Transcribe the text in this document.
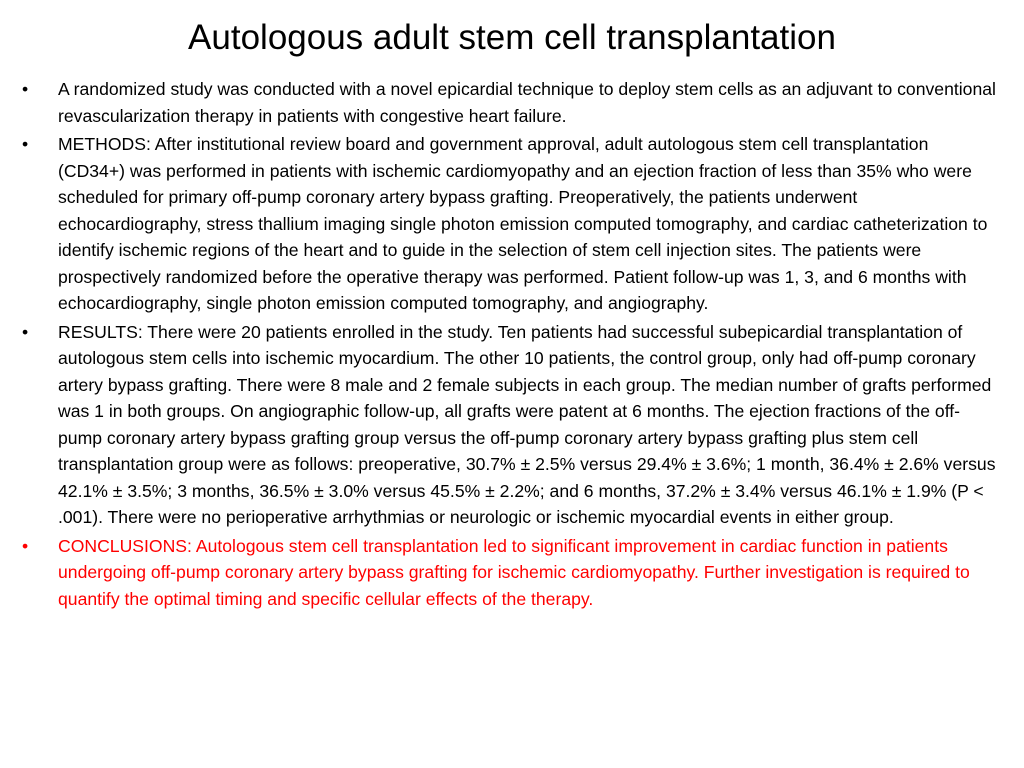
Autologous adult stem cell transplantation
•	A randomized study was conducted with a novel epicardial technique to deploy stem cells as an adjuvant to conventional revascularization therapy in patients with congestive heart failure.
•	METHODS: After institutional review board and government approval, adult autologous stem cell transplantation (CD34+) was performed in patients with ischemic cardiomyopathy and an ejection fraction of less than 35% who were scheduled for primary off-pump coronary artery bypass grafting. Preoperatively, the patients underwent echocardiography, stress thallium imaging single photon emission computed tomography, and cardiac catheterization to identify ischemic regions of the heart and to guide in the selection of stem cell injection sites. The patients were prospectively randomized before the operative therapy was performed. Patient follow-up was 1, 3, and 6 months with echocardiography, single photon emission computed tomography, and angiography.
•	RESULTS: There were 20 patients enrolled in the study. Ten patients had successful subepicardial transplantation of autologous stem cells into ischemic myocardium. The other 10 patients, the control group, only had off-pump coronary artery bypass grafting. There were 8 male and 2 female subjects in each group. The median number of grafts performed was 1 in both groups. On angiographic follow-up, all grafts were patent at 6 months. The ejection fractions of the off-pump coronary artery bypass grafting group versus the off-pump coronary artery bypass grafting plus stem cell transplantation group were as follows: preoperative, 30.7% ± 2.5% versus 29.4% ± 3.6%; 1 month, 36.4% ± 2.6% versus 42.1% ± 3.5%; 3 months, 36.5% ± 3.0% versus 45.5% ± 2.2%; and 6 months, 37.2% ± 3.4% versus 46.1% ± 1.9% (P < .001). There were no perioperative arrhythmias or neurologic or ischemic myocardial events in either group.
•	CONCLUSIONS: Autologous stem cell transplantation led to significant improvement in cardiac function in patients undergoing off-pump coronary artery bypass grafting for ischemic cardiomyopathy. Further investigation is required to quantify the optimal timing and specific cellular effects of the therapy.
